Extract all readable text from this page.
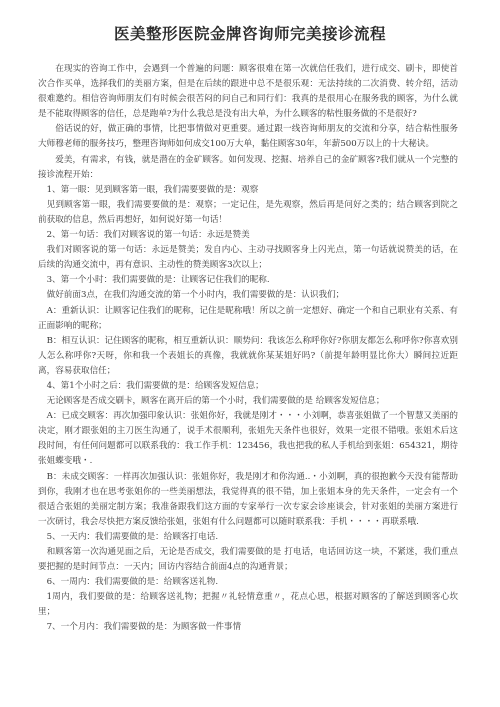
医美整形医院金牌咨询师完美接诊流程

在现实的咨询工作中，会遇到一个普遍的问题：顾客很难在第一次就信任我们，进行成交、刷卡，即使首次合作买单，选择我们的美丽方案，但是在后续的跟进中总不是很乐观：无法持续的二次消费、转介绍，活动很难邀约。相信咨询师朋友们有时候会很苦闷的问自己和同行们：我真的是很用心在服务我的顾客，为什么就是不能取得顾客的信任，总是跑单?为什么我总是没有出大单，为什么顾客的粘性服务做的不是很好?

俗话说的好，做正确的事情，比把事情做对更重要。通过跟一线咨询师朋友的交流和分享，结合粘性服务大师穆老师的服务技巧，整理咨询师如何成交100万大单，黏住顾客30年，年薪500万以上的十大秘诀。

爱美，有需求，有钱，就是潜在的金矿顾客。如何发现、挖掘、培养自己的金矿顾客?我们就从一个完整的接诊流程开始：

1、第一眼：见到顾客第一眼，我们需要要做的是：观察

见到顾客第一眼，我们需要要做的是：观察；一定记住，是先观察，然后再是问好之类的；结合顾客到院之前获取的信息，然后再想好，如何说好第一句话！

2、第一句话：我们对顾客说的第一句话：永远是赞美

我们对顾客说的第一句话：永远是赞美；发自内心、主动寻找顾客身上闪光点，第一句话就说赞美的话，在后续的沟通交流中，再有意识、主动性的赞美顾客3次以上；

3、第一个小时：我们需要做的是：让顾客记住我们的昵称.

做好前面3点，在我们沟通交流的第一个小时内，我们需要做的是：认识我们；

A：重新认识：让顾客记住我们的昵称，记住是昵称哦！所以之前一定想好、确定一个和自己职业有关系、有正面影响的昵称；

B：相互认识：记住顾客的昵称，相互重新认识：顺势问：我该怎么称呼你好?你朋友都怎么称呼你?你喜欢别人怎么称呼你?天呀，你和我一个表姐长的真像，我就就你某某姐好吗?（前提年龄明显比你大）瞬间拉近距离，容易获取信任；

4、第1个小时之后：我们需要做的是：给顾客发短信息；

无论顾客是否成交刷卡，顾客在离开后的第一个小时，我们需要做的是 给顾客发短信息；

A：已成交顾客：再次加强印象认识：张姐你好，我就是刚才・・・小刘啊，恭喜张姐做了一个智慧又美丽的决定，刚才跟张姐的主刀医生沟通了，说手术很顺利，张姐先天条件也很好，效果一定很不错哦。张姐术后这段时间，有任何问题都可以联系我的：我工作手机：123456，我也把我的私人手机给到张姐：654321，期待张姐蝶变哦・.

B：未成交顾客：一样再次加强认识：张姐你好，我是刚才和你沟通..・小刘啊，真的很抱歉今天没有能帮助到你，我刚才也在思考张姐你的一些美丽想法，我觉得真的很不错，加上张姐本身的先天条件，一定会有一个很适合张姐的美丽定制方案；我准备跟我们这方面的专家举行一次专家会诊座谈会，针对张姐的美丽方案进行一次研讨，我会尽快把方案反馈给张姐，张姐有什么问题都可以随时联系我：手机・・・・再联系哦.

5、一天内：我们需要做的是：给顾客打电话.

和顾客第一次沟通见面之后，无论是否成交，我们需要做的是 打电话，电话回访这一块，不紧迷，我们重点要把握的是时间节点：一天内；回访内容结合前面4点的沟通背景；

6、一周内：我们需要做的是：给顾客送礼物.

1周内，我们要做的是：给顾客送礼物；把握〃礼轻情意重〃，花点心思，根据对顾客的了解送到顾客心坎里；

7、一个月内：我们需要做的是：为顾客做一件事情
